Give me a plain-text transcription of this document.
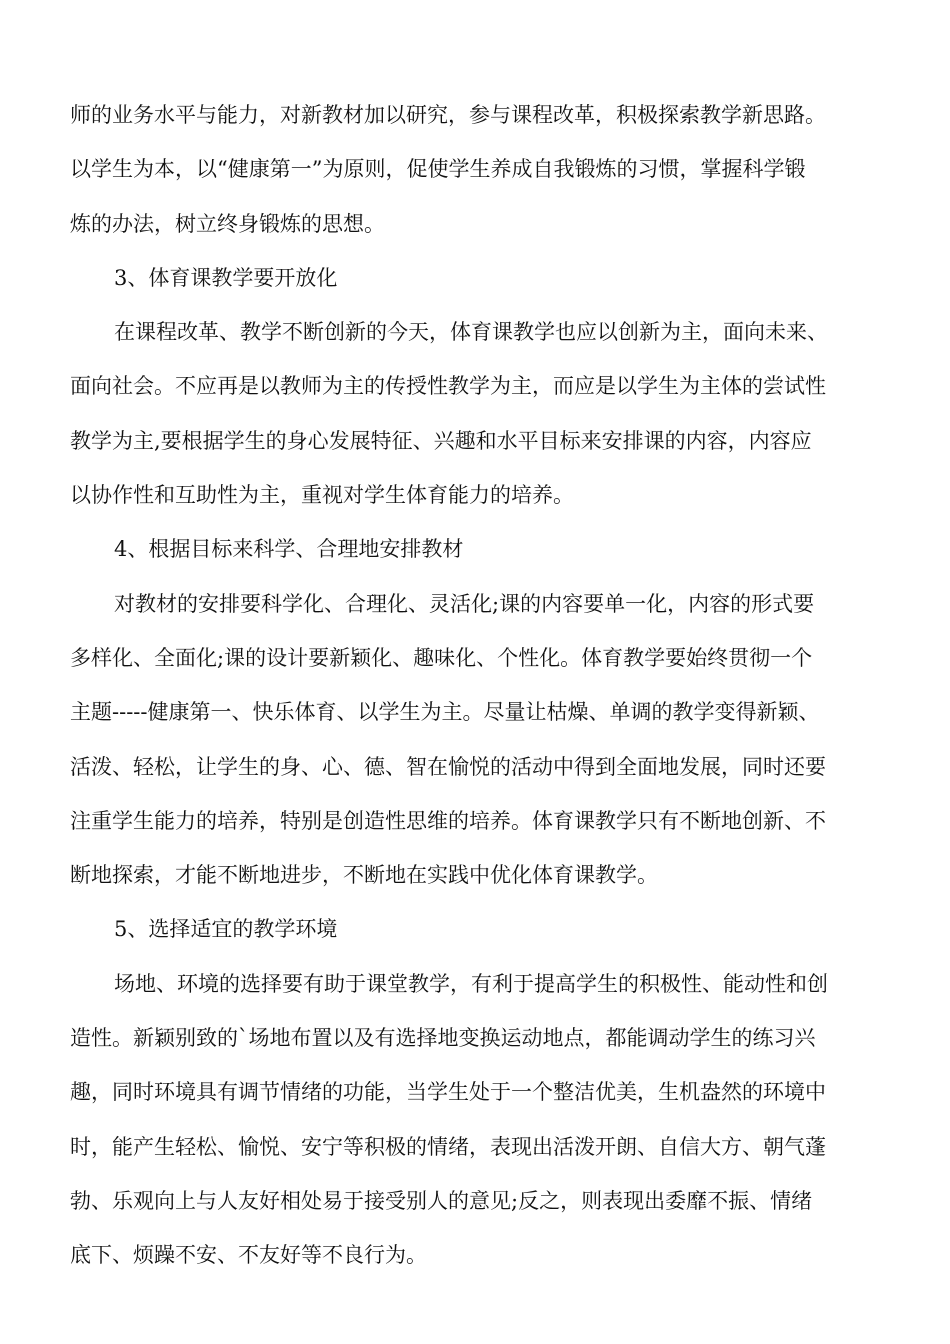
师的业务水平与能力，对新教材加以研究，参与课程改革，积极探索教学新思路。
以学生为本，以“健康第一”为原则，促使学生养成自我锻炼的习惯，掌握科学锻
炼的办法，树立终身锻炼的思想。
3、体育课教学要开放化
在课程改革、教学不断创新的今天，体育课教学也应以创新为主，面向未来、
面向社会。不应再是以教师为主的传授性教学为主，而应是以学生为主体的尝试性
教学为主,要根据学生的身心发展特征、兴趣和水平目标来安排课的内容，内容应
以协作性和互助性为主，重视对学生体育能力的培养。
4、根据目标来科学、合理地安排教材
对教材的安排要科学化、合理化、灵活化;课的内容要单一化，内容的形式要
多样化、全面化;课的设计要新颖化、趣味化、个性化。体育教学要始终贯彻一个
主题-----健康第一、快乐体育、以学生为主。尽量让枯燥、单调的教学变得新颖、
活泼、轻松，让学生的身、心、德、智在愉悦的活动中得到全面地发展，同时还要
注重学生能力的培养，特别是创造性思维的培养。体育课教学只有不断地创新、不
断地探索，才能不断地进步，不断地在实践中优化体育课教学。
5、选择适宜的教学环境
场地、环境的选择要有助于课堂教学，有利于提高学生的积极性、能动性和创
造性。新颖别致的`场地布置以及有选择地变换运动地点，都能调动学生的练习兴
趣，同时环境具有调节情绪的功能，当学生处于一个整洁优美，生机盎然的环境中
时，能产生轻松、愉悦、安宁等积极的情绪，表现出活泼开朗、自信大方、朝气蓬
勃、乐观向上与人友好相处易于接受别人的意见;反之，则表现出委靡不振、情绪
底下、烦躁不安、不友好等不良行为。
